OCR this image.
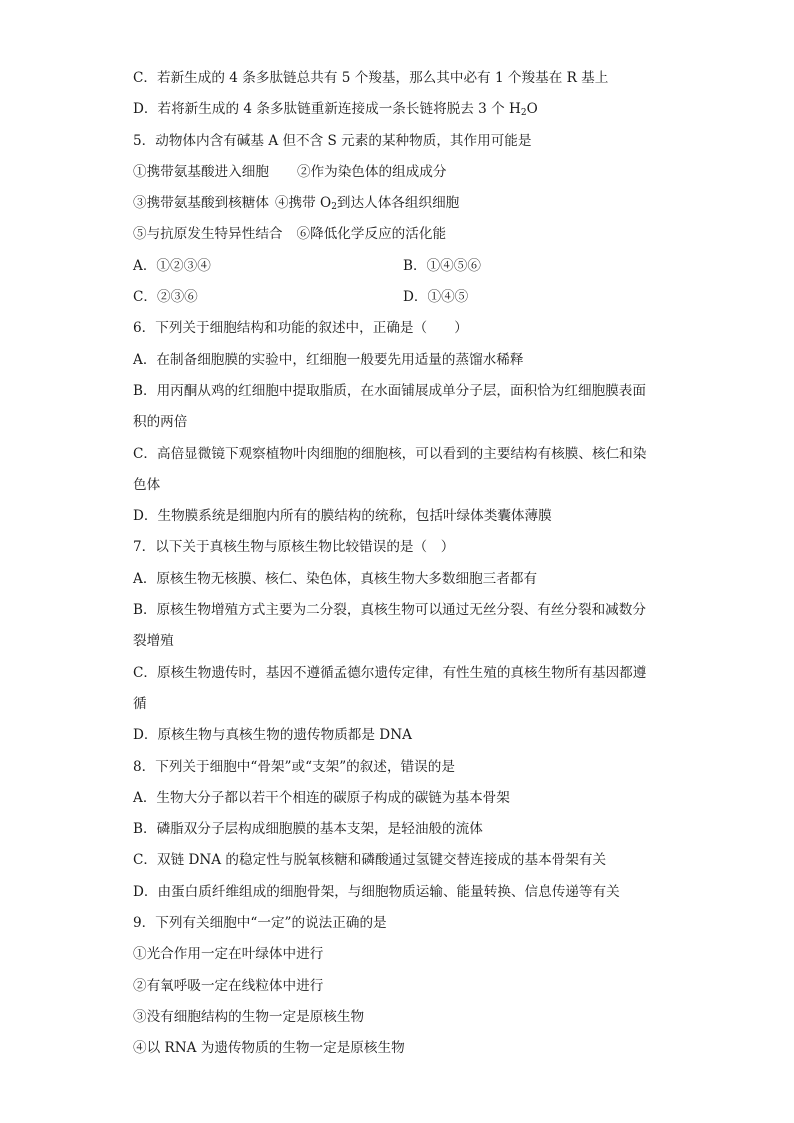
C．若新生成的 4 条多肽链总共有 5 个羧基，那么其中必有 1 个羧基在 R 基上
D．若将新生成的 4 条多肽链重新连接成一条长链将脱去 3 个 $H_2O$
5．动物体内含有碱基 A 但不含 S 元素的某种物质，其作用可能是
①携带氨基酸进入细胞 ②作为染色体的组成成分
③携带氨基酸到核糖体 ④携带 $O_2$到达人体各组织细胞
⑤与抗原发生特异性结合 ⑥降低化学反应的活化能
A．①②③④	B．①④⑤⑥
C．②③⑥	D．①④⑤
6．下列关于细胞结构和功能的叙述中，正确是（　　）
A．在制备细胞膜的实验中，红细胞一般要先用适量的蒸馏水稀释
B．用丙酮从鸡的红细胞中提取脂质，在水面铺展成单分子层，面积恰为红细胞膜表面
积的两倍
C．高倍显微镜下观察植物叶肉细胞的细胞核，可以看到的主要结构有核膜、核仁和染
色体
D．生物膜系统是细胞内所有的膜结构的统称，包括叶绿体类囊体薄膜
7．以下关于真核生物与原核生物比较错误的是（　）
A．原核生物无核膜、核仁、染色体，真核生物大多数细胞三者都有
B．原核生物增殖方式主要为二分裂，真核生物可以通过无丝分裂、有丝分裂和减数分
裂增殖
C．原核生物遗传时，基因不遵循孟德尔遗传定律，有性生殖的真核生物所有基因都遵
循
D．原核生物与真核生物的遗传物质都是 DNA
8．下列关于细胞中“骨架”或“支架”的叙述，错误的是
A．生物大分子都以若干个相连的碳原子构成的碳链为基本骨架
B．磷脂双分子层构成细胞膜的基本支架，是轻油般的流体
C．双链 DNA 的稳定性与脱氧核糖和磷酸通过氢键交替连接成的基本骨架有关
D．由蛋白质纤维组成的细胞骨架，与细胞物质运输、能量转换、信息传递等有关
9．下列有关细胞中“一定”的说法正确的是
①光合作用一定在叶绿体中进行
②有氧呼吸一定在线粒体中进行
③没有细胞结构的生物一定是原核生物
④以 RNA 为遗传物质的生物一定是原核生物
